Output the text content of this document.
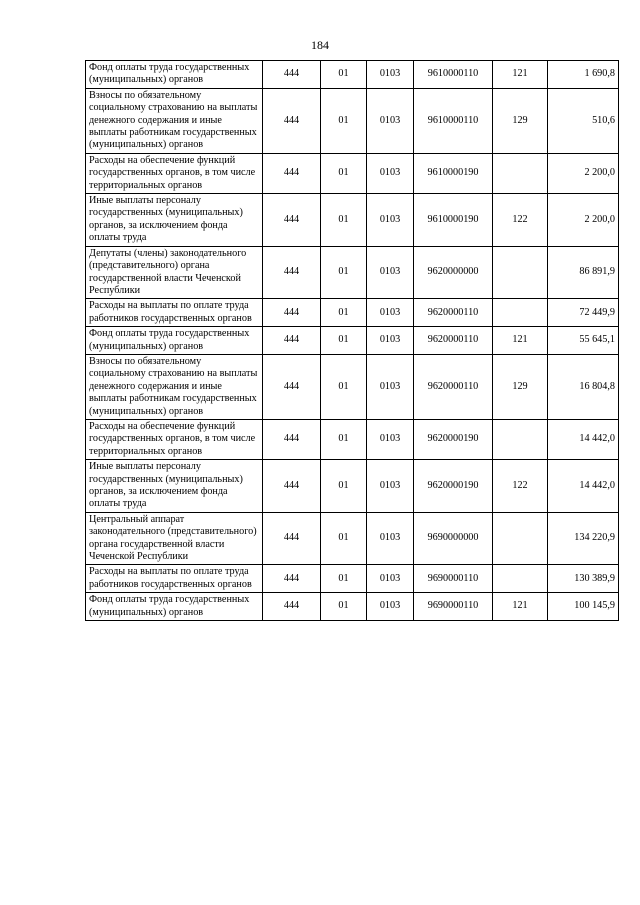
184
Фонд оплаты труда государственных (муниципальных) органов	444	01	0103	9610000110	121	1 690,8
Взносы по обязательному социальному страхованию на выплаты денежного содержания и иные выплаты работникам государственных (муниципальных) органов	444	01	0103	9610000110	129	510,6
Расходы на обеспечение функций государственных органов, в том числе территориальных органов	444	01	0103	9610000190		2 200,0
Иные выплаты персоналу государственных (муниципальных) органов, за исключением фонда оплаты труда	444	01	0103	9610000190	122	2 200,0
Депутаты (члены) законодательного (представительного) органа государственной власти Чеченской Республики	444	01	0103	9620000000		86 891,9
Расходы на выплаты по оплате труда работников государственных органов	444	01	0103	9620000110		72 449,9
Фонд оплаты труда государственных (муниципальных) органов	444	01	0103	9620000110	121	55 645,1
Взносы по обязательному социальному страхованию на выплаты денежного содержания и иные выплаты работникам государственных (муниципальных) органов	444	01	0103	9620000110	129	16 804,8
Расходы на обеспечение функций государственных органов, в том числе территориальных органов	444	01	0103	9620000190		14 442,0
Иные выплаты персоналу государственных (муниципальных) органов, за исключением фонда оплаты труда	444	01	0103	9620000190	122	14 442,0
Центральный аппарат законодательного (представительного) органа государственной власти Чеченской Республики	444	01	0103	9690000000		134 220,9
Расходы на выплаты по оплате труда работников государственных органов	444	01	0103	9690000110		130 389,9
Фонд оплаты труда государственных (муниципальных) органов	444	01	0103	9690000110	121	100 145,9
